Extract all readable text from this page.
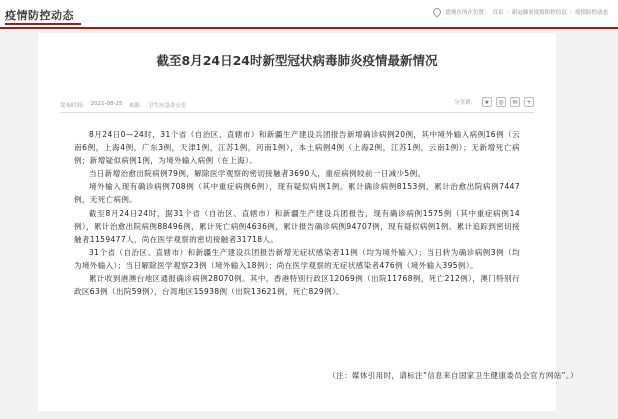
疫情防控动态	您现在所在位置： 首页 › 新冠肺炎疫情防控信息 › 疫情防控动态
截至8月24日24时新型冠状病毒肺炎疫情最新情况
发布时间： 2021-08-25 来源： 卫生应急办公室	分享到：	★	◎	✉	+

8月24日0—24时，31个省（自治区、直辖市）和新疆生产建设兵团报告新增确诊病例20例，其中境外输入病例16例（云南6例，上海4例，广东3例，天津1例，江苏1例，河南1例），本土病例4例（上海2例，江苏1例，云南1例）；无新增死亡病例；新增疑似病例1例，为境外输入病例（在上海）。

当日新增治愈出院病例79例，解除医学观察的密切接触者3690人，重症病例较前一日减少5例。

境外输入现有确诊病例708例（其中重症病例6例），现有疑似病例1例。累计确诊病例8153例，累计治愈出院病例7447例，无死亡病例。

截至8月24日24时，据31个省（自治区、直辖市）和新疆生产建设兵团报告，现有确诊病例1575例（其中重症病例14例），累计治愈出院病例88496例，累计死亡病例4636例，累计报告确诊病例94707例，现有疑似病例1例。累计追踪到密切接触者1159477人，尚在医学观察的密切接触者31718人。

31个省（自治区、直辖市）和新疆生产建设兵团报告新增无症状感染者11例（均为境外输入）；当日转为确诊病例3例（均为境外输入）；当日解除医学观察23例（境外输入18例）；尚在医学观察的无症状感染者476例（境外输入395例）。

累计收到港澳台地区通报确诊病例28070例。其中，香港特别行政区12069例（出院11768例，死亡212例），澳门特别行政区63例（出院59例），台湾地区15938例（出院13621例，死亡829例）。

（注：媒体引用时，请标注“信息来自国家卫生健康委员会官方网站”。）
